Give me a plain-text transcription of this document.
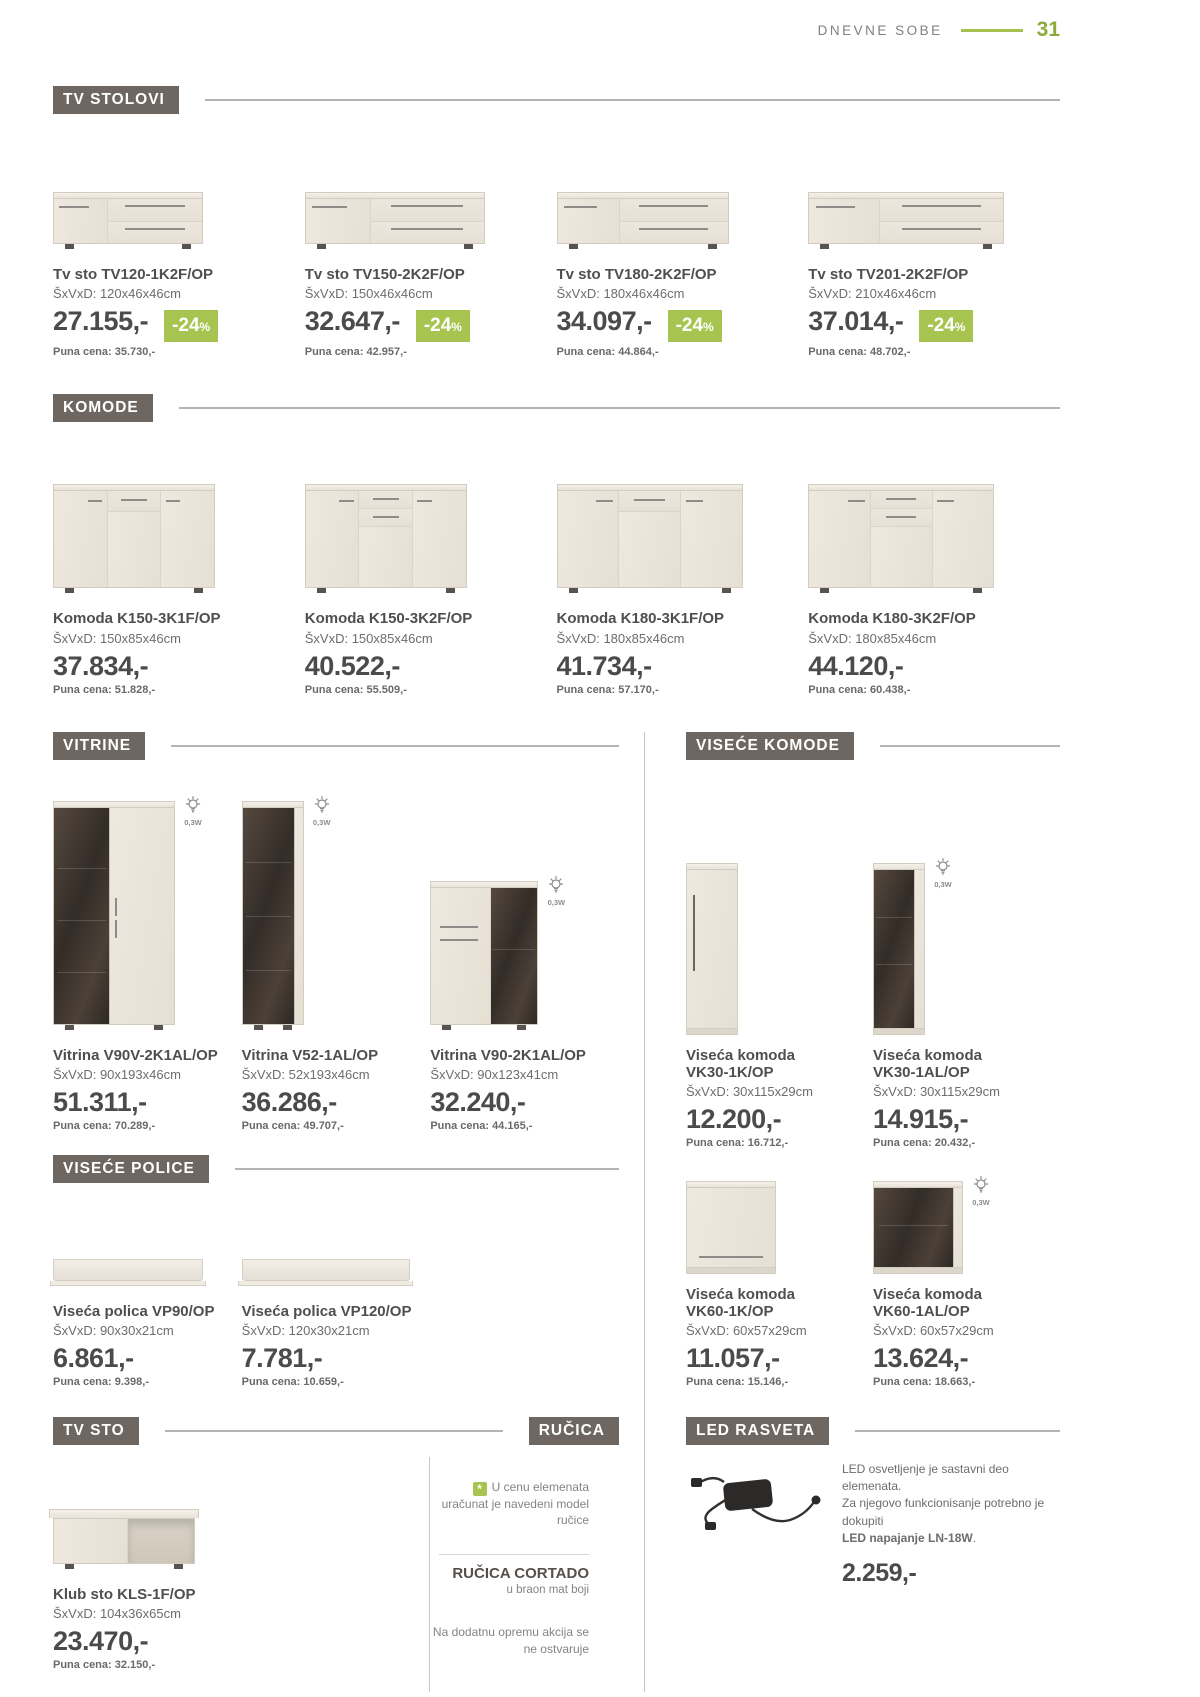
DNEVNE SOBE	31
TV STOLOVI
Tv sto TV120-1K2F/OP
ŠxVxD: 120x46x46cm
27.155,-	-24%
Puna cena: 35.730,-
Tv sto TV150-2K2F/OP
ŠxVxD: 150x46x46cm
32.647,-	-24%
Puna cena: 42.957,-
Tv sto TV180-2K2F/OP
ŠxVxD: 180x46x46cm
34.097,-	-24%
Puna cena: 44.864,-
Tv sto TV201-2K2F/OP
ŠxVxD: 210x46x46cm
37.014,-	-24%
Puna cena: 48.702,-
KOMODE
Komoda K150-3K1F/OP
ŠxVxD: 150x85x46cm
37.834,-
Puna cena: 51.828,-
Komoda K150-3K2F/OP
ŠxVxD: 150x85x46cm
40.522,-
Puna cena: 55.509,-
Komoda K180-3K1F/OP
ŠxVxD: 180x85x46cm
41.734,-
Puna cena: 57.170,-
Komoda K180-3K2F/OP
ŠxVxD: 180x85x46cm
44.120,-
Puna cena: 60.438,-
VITRINE
0,3W
Vitrina V90V-2K1AL/OP
ŠxVxD: 90x193x46cm
51.311,-
Puna cena: 70.289,-
0,3W
Vitrina V52-1AL/OP
ŠxVxD: 52x193x46cm
36.286,-
Puna cena: 49.707,-
0,3W
Vitrina V90-2K1AL/OP
ŠxVxD: 90x123x41cm
32.240,-
Puna cena: 44.165,-
VISEĆE POLICE
Viseća polica VP90/OP
ŠxVxD: 90x30x21cm
6.861,-
Puna cena: 9.398,-
Viseća polica VP120/OP
ŠxVxD: 120x30x21cm
7.781,-
Puna cena: 10.659,-
TV STO	RUČICA
Klub sto KLS-1F/OP
ŠxVxD: 104x36x65cm
23.470,-
Puna cena: 32.150,-
* U cenu elemenata uračunat je navedeni model ručice
RUČICA CORTADO
u braon mat boji
Na dodatnu opremu akcija se ne ostvaruje
VISEĆE KOMODE
Viseća komoda
VK30-1K/OP
ŠxVxD: 30x115x29cm
12.200,-
Puna cena: 16.712,-
0,3W
Viseća komoda
VK30-1AL/OP
ŠxVxD: 30x115x29cm
14.915,-
Puna cena: 20.432,-
Viseća komoda
VK60-1K/OP
ŠxVxD: 60x57x29cm
11.057,-
Puna cena: 15.146,-
0,3W
Viseća komoda
VK60-1AL/OP
ŠxVxD: 60x57x29cm
13.624,-
Puna cena: 18.663,-
LED RASVETA
LED osvetljenje je sastavni deo elemenata.
Za njegovo funkcionisanje potrebno je dokupiti
LED napajanje LN-18W.
2.259,-
